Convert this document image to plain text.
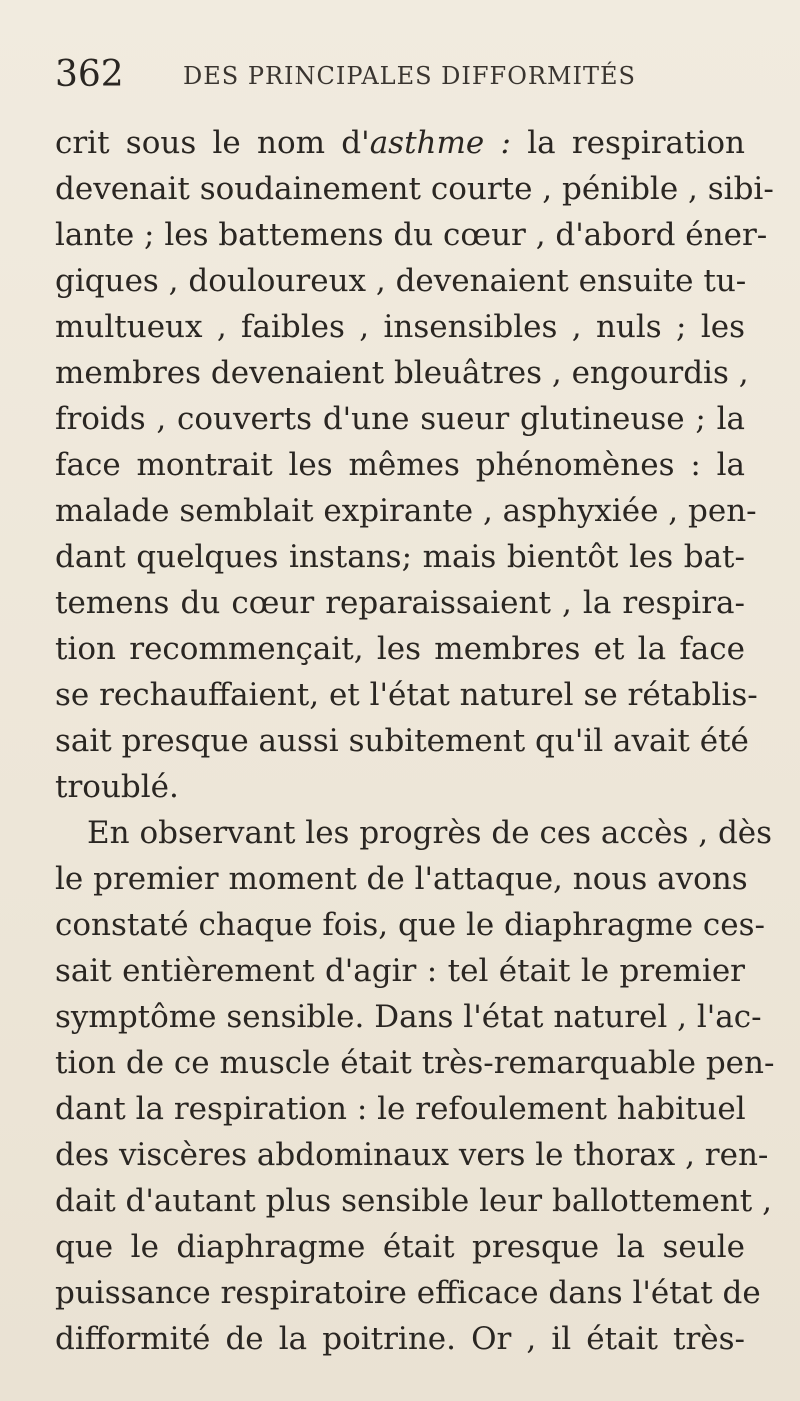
362 DES PRINCIPALES DIFFORMITÉS
crit sous le nom d'asthme : la respiration
devenait soudainement courte , pénible , sibi-
lante ; les battemens du cœur , d'abord éner-
giques , douloureux , devenaient ensuite tu-
multueux , faibles , insensibles , nuls ; les
membres devenaient bleuâtres , engourdis ,
froids , couverts d'une sueur glutineuse ; la
face montrait les mêmes phénomènes : la
malade semblait expirante , asphyxiée , pen-
dant quelques instans; mais bientôt les bat-
temens du cœur reparaissaient , la respira-
tion recommençait, les membres et la face
se rechauffaient, et l'état naturel se rétablis-
sait presque aussi subitement qu'il avait été
troublé.
En observant les progrès de ces accès , dès
le premier moment de l'attaque, nous avons
constaté chaque fois, que le diaphragme ces-
sait entièrement d'agir : tel était le premier
symptôme sensible. Dans l'état naturel , l'ac-
tion de ce muscle était très-remarquable pen-
dant la respiration : le refoulement habituel
des viscères abdominaux vers le thorax , ren-
dait d'autant plus sensible leur ballottement ,
que le diaphragme était presque la seule
puissance respiratoire efficace dans l'état de
difformité de la poitrine. Or , il était très-
